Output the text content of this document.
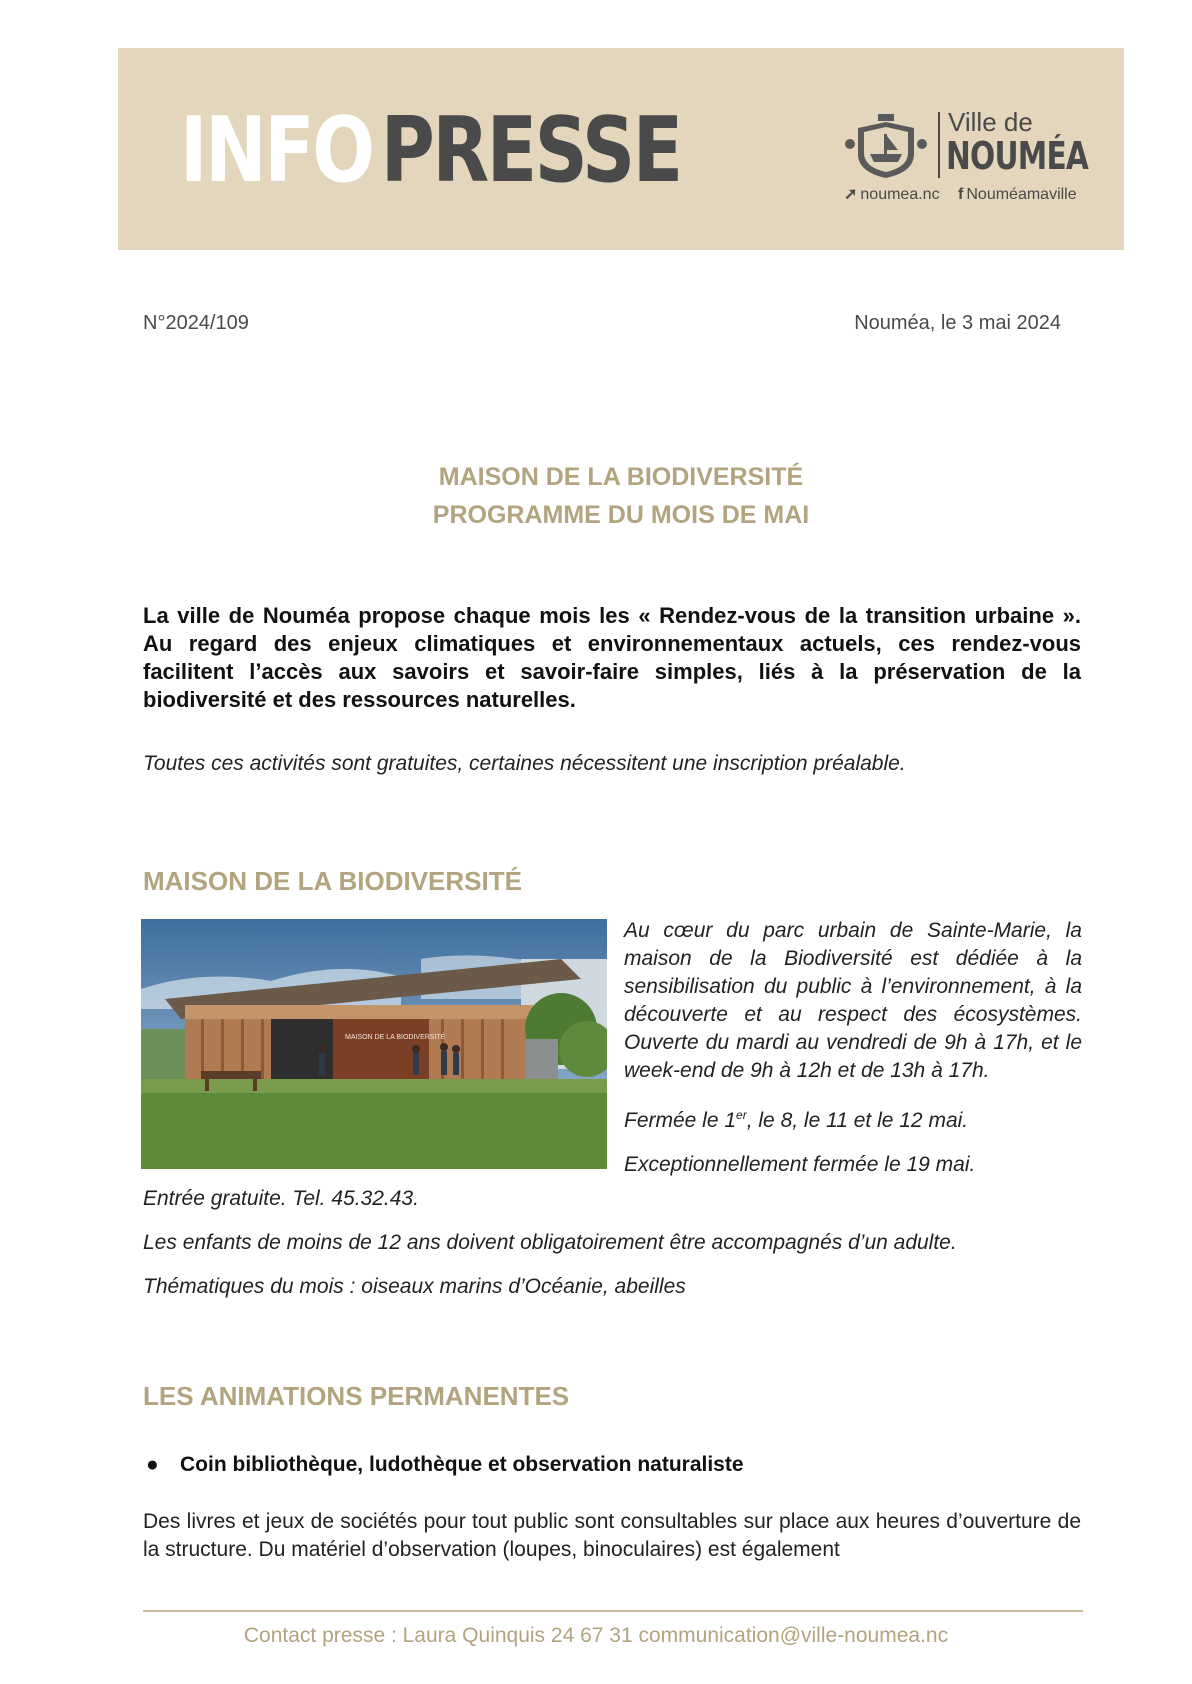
INFOPRESSE	Ville de
NOUMÉA
➚ noumea.nc f Nouméamaville
N°2024/109	Nouméa, le 3 mai 2024
MAISON DE LA BIODIVERSITÉ
PROGRAMME DU MOIS DE MAI
La ville de Nouméa propose chaque mois les « Rendez-vous de la transition urbaine ». Au regard des enjeux climatiques et environnementaux actuels, ces rendez-vous facilitent l’accès aux savoirs et savoir-faire simples, liés à la préservation de la biodiversité et des ressources naturelles.
Toutes ces activités sont gratuites, certaines nécessitent une inscription préalable.
MAISON DE LA BIODIVERSITÉ
MAISON DE LA BIODIVERSITÉ

Au cœur du parc urbain de Sainte-Marie, la maison de la Biodiversité est dédiée à la sensibilisation du public à l’environnement, à la découverte et au respect des écosystèmes. Ouverte du mardi au vendredi de 9h à 17h, et le week-end de 9h à 12h et de 13h à 17h.

Fermée le 1er, le 8, le 11 et le 12 mai.

Exceptionnellement fermée le 19 mai.

Entrée gratuite. Tel. 45.32.43.
Les enfants de moins de 12 ans doivent obligatoirement être accompagnés d’un adulte.
Thématiques du mois : oiseaux marins d’Océanie, abeilles
LES ANIMATIONS PERMANENTES
● Coin bibliothèque, ludothèque et observation naturaliste
Des livres et jeux de sociétés pour tout public sont consultables sur place aux heures d’ouverture de la structure. Du matériel d’observation (loupes, binoculaires) est également
Contact presse : Laura Quinquis 24 67 31 communication@ville-noumea.nc
